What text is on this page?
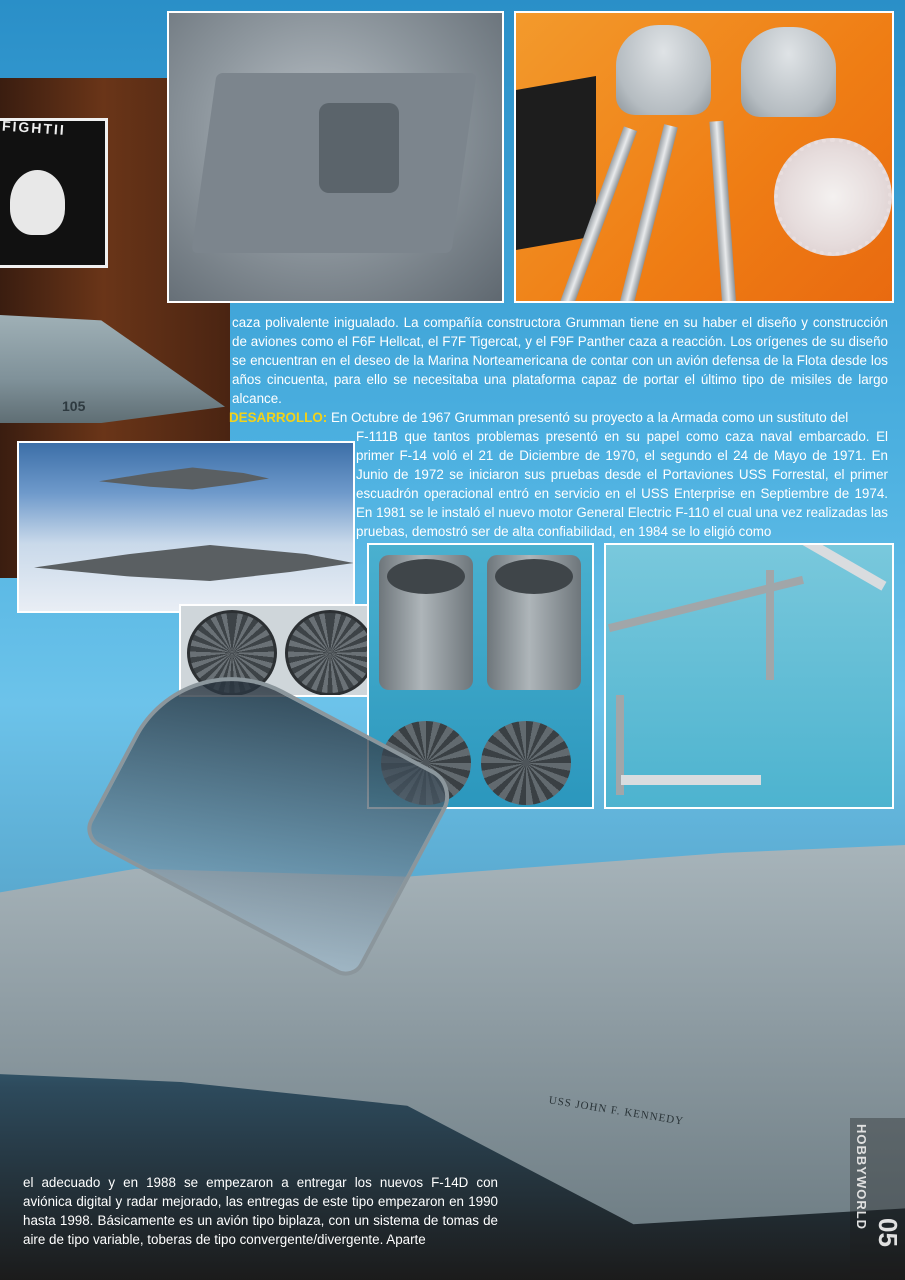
FIGHTII
105
USS JOHN F. KENNEDY

caza polivalente inigualado. La compañía constructora Grumman tiene en su haber el diseño y construcción de aviones como el F6F Hellcat, el F7F Tigercat, y el F9F Panther caza a reacción. Los orígenes de su diseño se encuentran en el deseo de la Marina Norteamericana de contar con un avión defensa de la Flota desde los años cincuenta, para ello se necesitaba una plataforma capaz de portar el último tipo de misiles de largo alcance.

DESARROLLO: En Octubre de 1967 Grumman presentó su proyecto a la Armada como un sustituto del

F-111B que tantos problemas presentó en su papel como caza naval embarcado. El primer F-14 voló el 21 de Diciembre de 1970, el segundo el 24 de Mayo de 1971. En Junio de 1972 se iniciaron sus pruebas desde el Portaviones USS Forrestal, el primer escuadrón operacional entró en servicio en el USS Enterprise en Septiembre de 1974. En 1981 se le instaló el nuevo motor General Electric F-110 el cual una vez realizadas las pruebas, demostró ser de alta confiabilidad, en 1984 se lo eligió como

el adecuado y en 1988 se empezaron a entregar los nuevos F-14D con aviónica digital y radar mejorado, las entregas de este tipo empezaron en 1990 hasta 1998. Básicamente es un avión tipo biplaza, con un sistema de tomas de aire de tipo variable, toberas de tipo convergente/divergente. Aparte

HOBBYWORLD
05
